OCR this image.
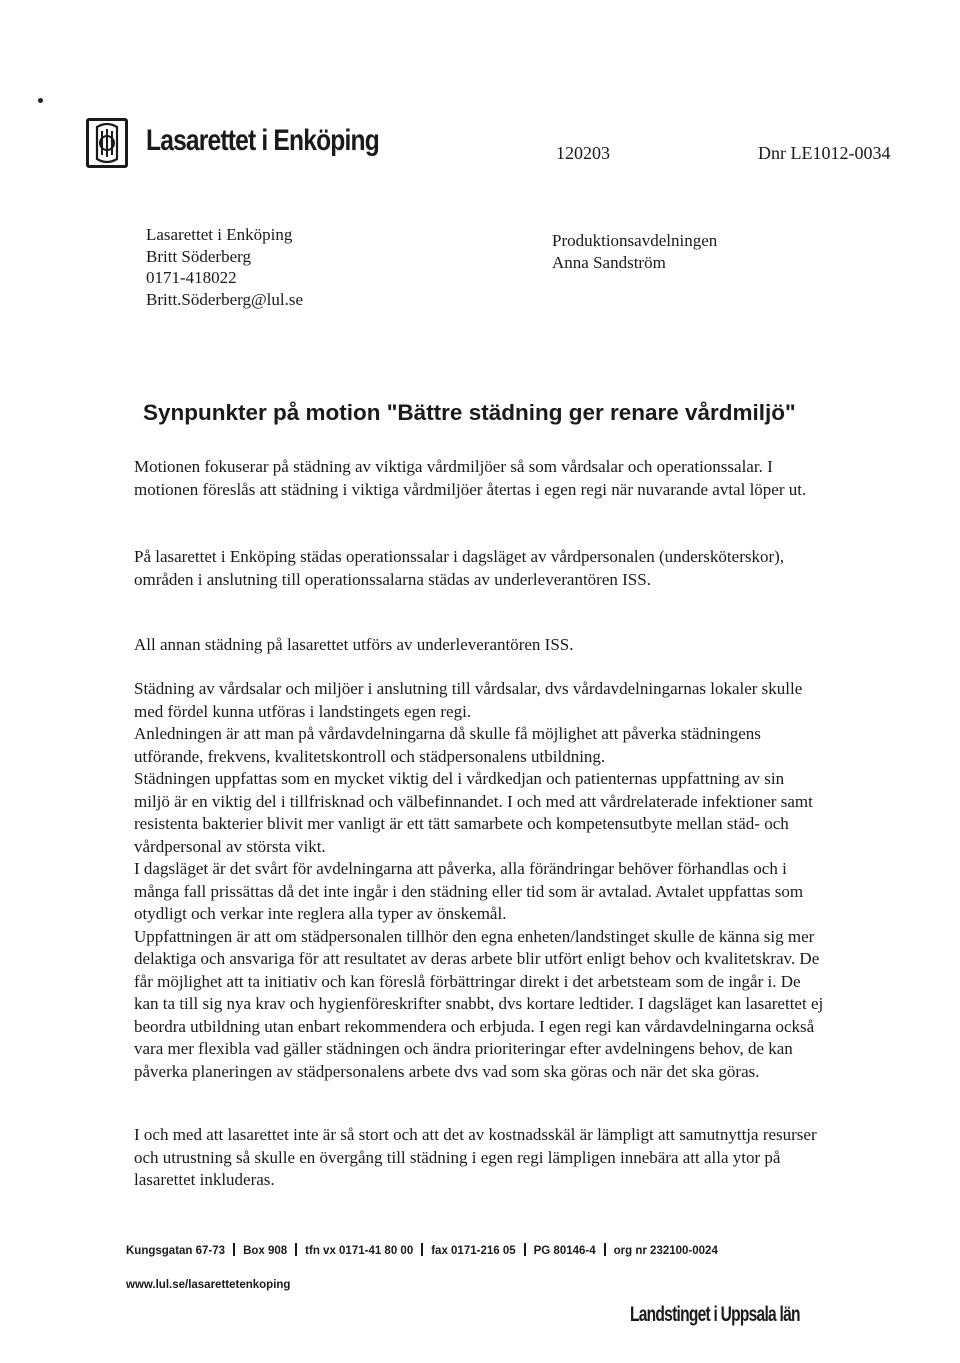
Lasarettet i Enköping	120203	Dnr LE1012-0034
Lasarettet i Enköping
Britt Söderberg
0171-418022
Britt.Söderberg@lul.se
Produktionsavdelningen
Anna Sandström
Synpunkter på motion "Bättre städning ger renare vårdmiljö"

Motionen fokuserar på städning av viktiga vårdmiljöer så som vårdsalar och operationssalar. I motionen föreslås att städning i viktiga vårdmiljöer återtas i egen regi när nuvarande avtal löper ut.

På lasarettet i Enköping städas operationssalar i dagsläget av vårdpersonalen (undersköterskor), områden i anslutning till operationssalarna städas av underleverantören ISS.

All annan städning på lasarettet utförs av underleverantören ISS.

Städning av vårdsalar och miljöer i anslutning till vårdsalar, dvs vårdavdelningarnas lokaler skulle med fördel kunna utföras i landstingets egen regi.

Anledningen är att man på vårdavdelningarna då skulle få möjlighet att påverka städningens utförande, frekvens, kvalitetskontroll och städpersonalens utbildning.

Städningen uppfattas som en mycket viktig del i vårdkedjan och patienternas uppfattning av sin miljö är en viktig del i tillfrisknad och välbefinnandet. I och med att vårdrelaterade infektioner samt resistenta bakterier blivit mer vanligt är ett tätt samarbete och kompetensutbyte mellan städ- och vårdpersonal av största vikt.

I dagsläget är det svårt för avdelningarna att påverka, alla förändringar behöver förhandlas och i många fall prissättas då det inte ingår i den städning eller tid som är avtalad. Avtalet uppfattas som otydligt och verkar inte reglera alla typer av önskemål.

Uppfattningen är att om städpersonalen tillhör den egna enheten/landstinget skulle de känna sig mer delaktiga och ansvariga för att resultatet av deras arbete blir utfört enligt behov och kvalitetskrav. De får möjlighet att ta initiativ och kan föreslå förbättringar direkt i det arbetsteam som de ingår i. De kan ta till sig nya krav och hygienföreskrifter snabbt, dvs kortare ledtider. I dagsläget kan lasarettet ej beordra utbildning utan enbart rekommendera och erbjuda. I egen regi kan vårdavdelningarna också vara mer flexibla vad gäller städningen och ändra prioriteringar efter avdelningens behov, de kan påverka planeringen av städpersonalens arbete dvs vad som ska göras och när det ska göras.

I och med att lasarettet inte är så stort och att det av kostnadsskäl är lämpligt att samutnyttja resurser och utrustning så skulle en övergång till städning i egen regi lämpligen innebära att alla ytor på lasarettet inkluderas.

Kungsgatan 67-73 Box 908 tfn vx 0171-41 80 00 fax 0171-216 05 PG 80146-4 org nr 232100-0024
www.lul.se/lasarettetenkoping
Landstinget i Uppsala län
